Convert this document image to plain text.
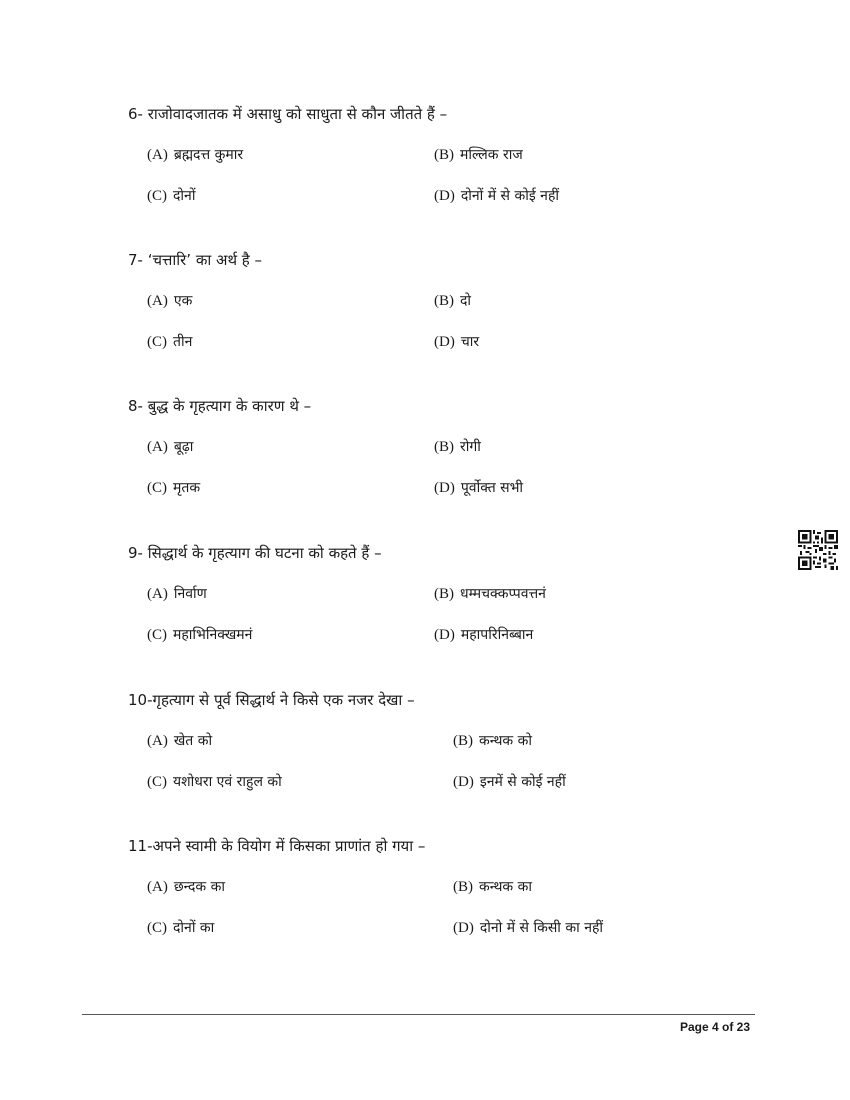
6- राजोवादजातक में असाधु को साधुता से कौन जीतते हैं –
(A) ब्रह्मदत्त कुमार	(B) मल्लिक राज
(C) दोनों	(D) दोनों में से कोई नहीं
7- ‘चत्तारि’ का अर्थ है –
(A) एक	(B) दो
(C) तीन	(D) चार
8- बुद्ध के गृहत्याग के कारण थे –
(A) बूढ़ा	(B) रोगी
(C) मृतक	(D) पूर्वोक्त सभी
9- सिद्धार्थ के गृहत्याग की घटना को कहते हैं –
(A) निर्वाण	(B) धम्मचक्कप्पवत्तनं
(C) महाभिनिक्खमनं	(D) महापरिनिब्बान
10-गृहत्याग से पूर्व सिद्धार्थ ने किसे एक नजर देखा –
(A) खेत को	(B) कन्थक को
(C) यशोधरा एवं राहुल को	(D) इनमें से कोई नहीं
11-अपने स्वामी के वियोग में किसका प्राणांत हो गया –
(A) छन्दक का	(B) कन्थक का
(C) दोनों का	(D) दोनो में से किसी का नहीं
Page 4 of 23
